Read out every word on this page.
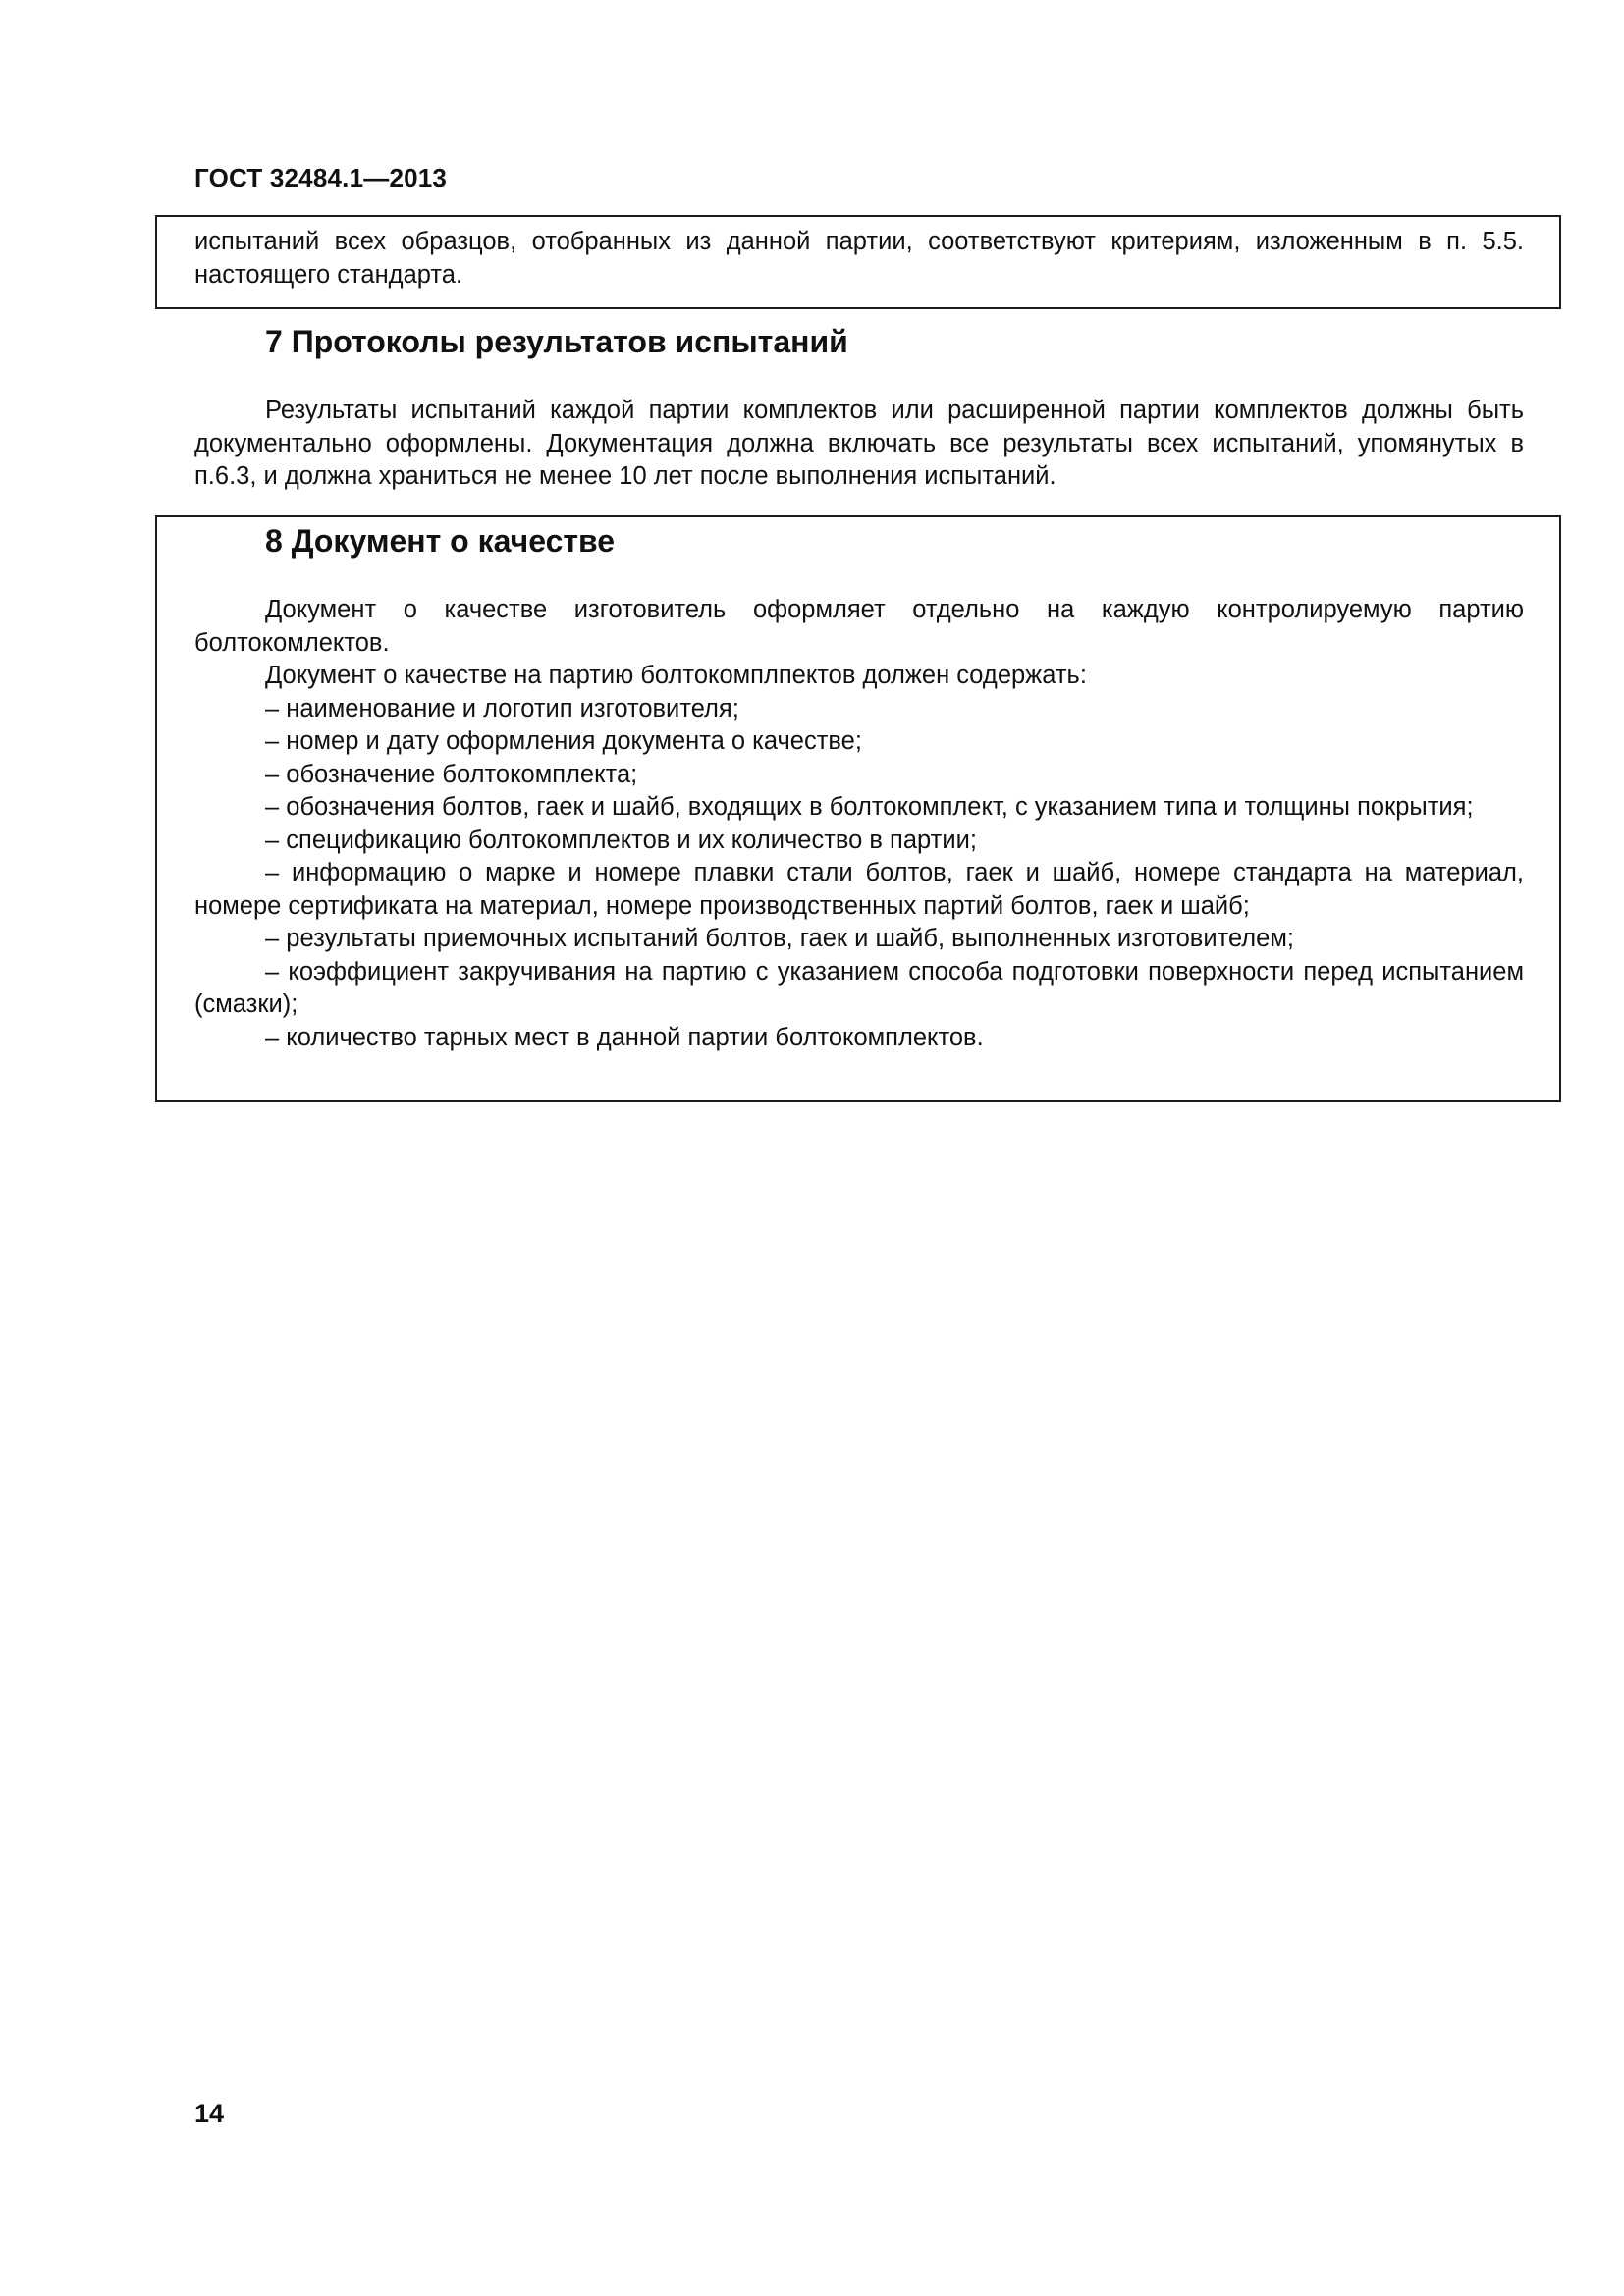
ГОСТ 32484.1—2013
испытаний всех образцов, отобранных из данной партии, соответствуют критериям, изложенным в п. 5.5. настоящего стандарта.
7 Протоколы результатов испытаний
Результаты испытаний каждой партии комплектов или расширенной партии комплектов должны быть документально оформлены. Документация должна включать все результаты всех испытаний, упомянутых в п.6.3, и должна храниться не менее 10 лет после выполнения испытаний.
8 Документ о качестве

Документ о качестве изготовитель оформляет отдельно на каждую контролируемую партию болтокомлектов.

Документ о качестве на партию болтокомплпектов должен содержать:

– наименование и логотип изготовителя;

– номер и дату оформления документа о качестве;

– обозначение болтокомплекта;

– обозначения болтов, гаек и шайб, входящих в болтокомплект, с указанием типа и толщины покрытия;

– спецификацию болтокомплектов и их количество в партии;

– информацию о марке и номере плавки стали болтов, гаек и шайб, номере стандарта на материал, номере сертификата на материал, номере производственных партий болтов, гаек и шайб;

– результаты приемочных испытаний болтов, гаек и шайб, выполненных изготовителем;

– коэффициент закручивания на партию с указанием способа подготовки поверхности перед испытанием (смазки);

– количество тарных мест в данной партии болтокомплектов.

14
